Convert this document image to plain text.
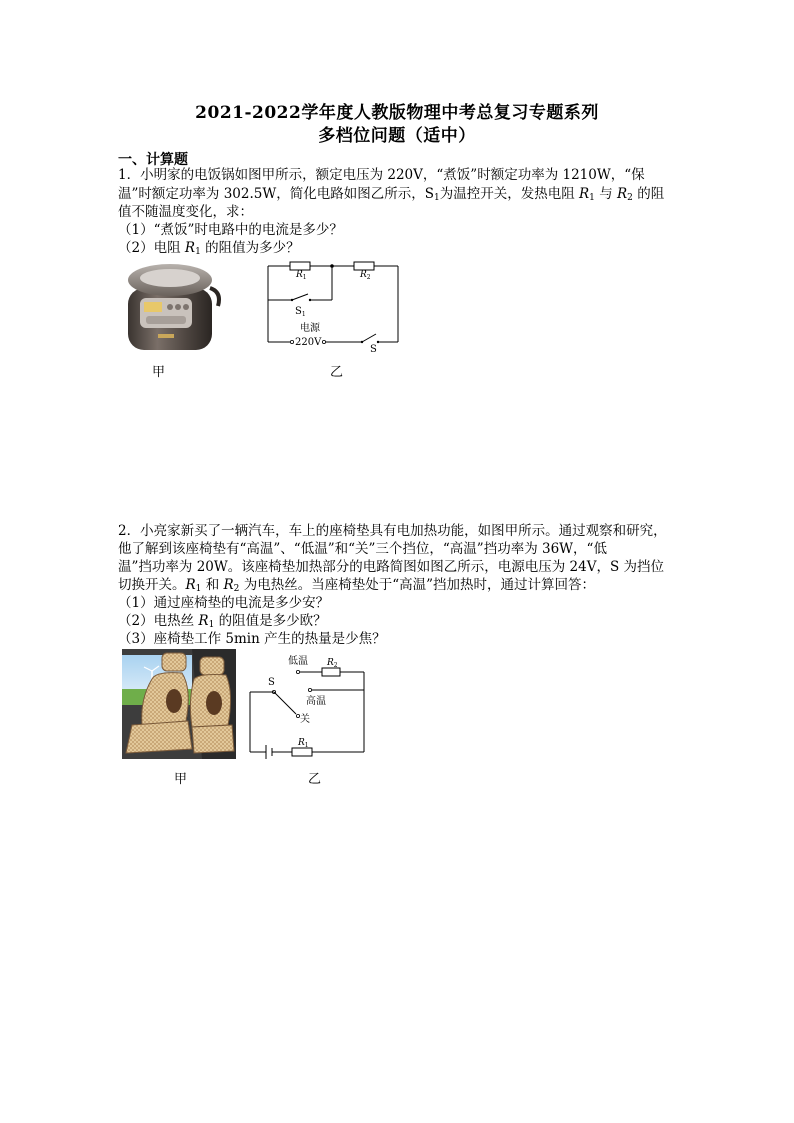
2021-2022学年度人教版物理中考总复习专题系列
多档位问题（适中）
一、计算题
1．小明家的电饭锅如图甲所示，额定电压为 220V，“煮饭”时额定功率为 1210W，“保
温”时额定功率为 302.5W，简化电路如图乙所示，$S_1$为温控开关，发热电阻 $R_1$ 与 $R_2$ 的阻
值不随温度变化，求：
（1）“煮饭”时电路中的电流是多少？
（2）电阻 $R_1$ 的阻值为多少？
甲
$R_1$	$R_2$
$S_1$
电源
220V
S
乙
2．小亮家新买了一辆汽车，车上的座椅垫具有电加热功能，如图甲所示。通过观察和研究，
他了解到该座椅垫有“高温”、“低温”和“关”三个挡位，“高温”挡功率为 36W，“低
温”挡功率为 20W。该座椅垫加热部分的电路简图如图乙所示，电源电压为 24V，S 为挡位
切换开关。$R_1$ 和 $R_2$ 为电热丝。当座椅垫处于“高温”挡加热时，通过计算回答：
（1）通过座椅垫的电流是多少安？
（2）电热丝 $R_1$ 的阻值是多少欧？
（3）座椅垫工作 5min 产生的热量是少焦？
甲
低温 $R_2$
S
高温
关
$R_1$
乙
